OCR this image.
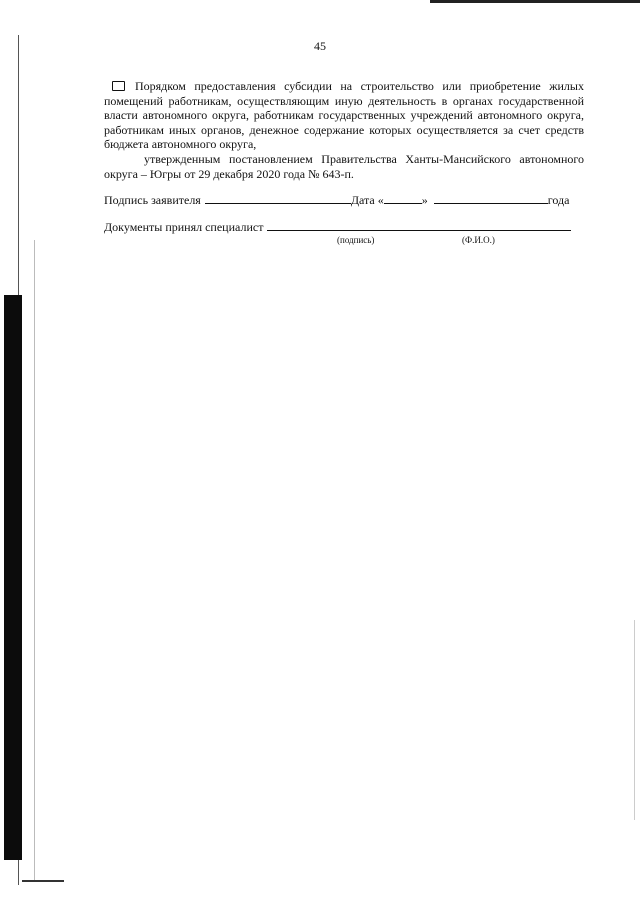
45

Порядком предоставления субсидии на строительство или приобретение жилых помещений работникам, осуществляющим иную деятельность в органах государственной власти автономного округа, работникам государственных учреждений автономного округа, работникам иных органов, денежное содержание которых осуществляется за счет средств бюджета автономного округа,

утвержденным постановлением Правительства Ханты-Мансийского автономного округа – Югры от 29 декабря 2020 года № 643-п.

Подпись заявителя	Дата «	»	года
Документы принял специалист
(подпись)	(Ф.И.О.)
